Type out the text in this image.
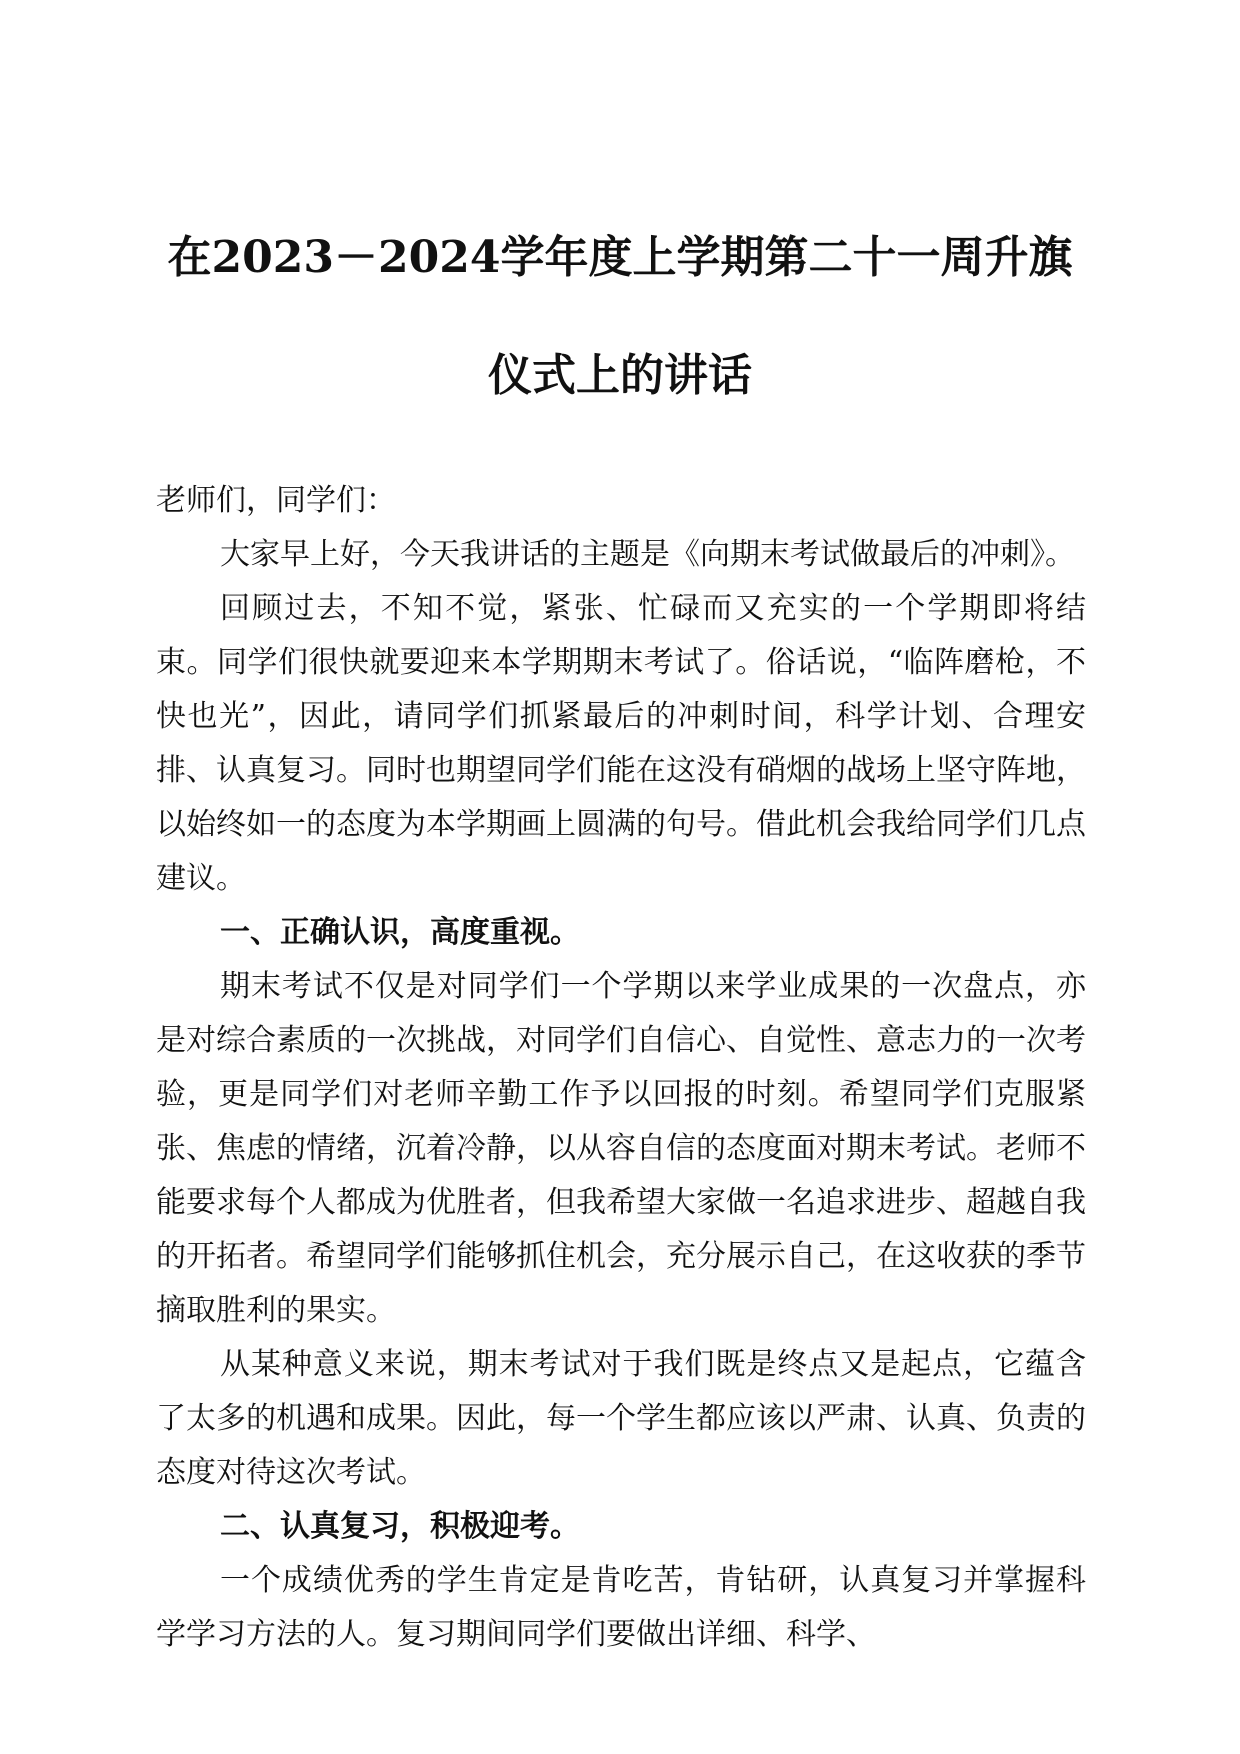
在2023－2024学年度上学期第二十一周升旗
仪式上的讲话

老师们，同学们：

大家早上好，今天我讲话的主题是《向期末考试做最后的冲刺》。

回顾过去，不知不觉，紧张、忙碌而又充实的一个学期即将结束。同学们很快就要迎来本学期期末考试了。俗话说，“临阵磨枪，不快也光”，因此，请同学们抓紧最后的冲刺时间，科学计划、合理安排、认真复习。同时也期望同学们能在这没有硝烟的战场上坚守阵地，以始终如一的态度为本学期画上圆满的句号。借此机会我给同学们几点建议。

一、正确认识，高度重视。

期末考试不仅是对同学们一个学期以来学业成果的一次盘点，亦是对综合素质的一次挑战，对同学们自信心、自觉性、意志力的一次考验，更是同学们对老师辛勤工作予以回报的时刻。希望同学们克服紧张、焦虑的情绪，沉着冷静，以从容自信的态度面对期末考试。老师不能要求每个人都成为优胜者，但我希望大家做一名追求进步、超越自我的开拓者。希望同学们能够抓住机会，充分展示自己，在这收获的季节摘取胜利的果实。

从某种意义来说，期末考试对于我们既是终点又是起点，它蕴含了太多的机遇和成果。因此，每一个学生都应该以严肃、认真、负责的态度对待这次考试。

二、认真复习，积极迎考。

一个成绩优秀的学生肯定是肯吃苦，肯钻研，认真复习并掌握科学学习方法的人。复习期间同学们要做出详细、科学、
